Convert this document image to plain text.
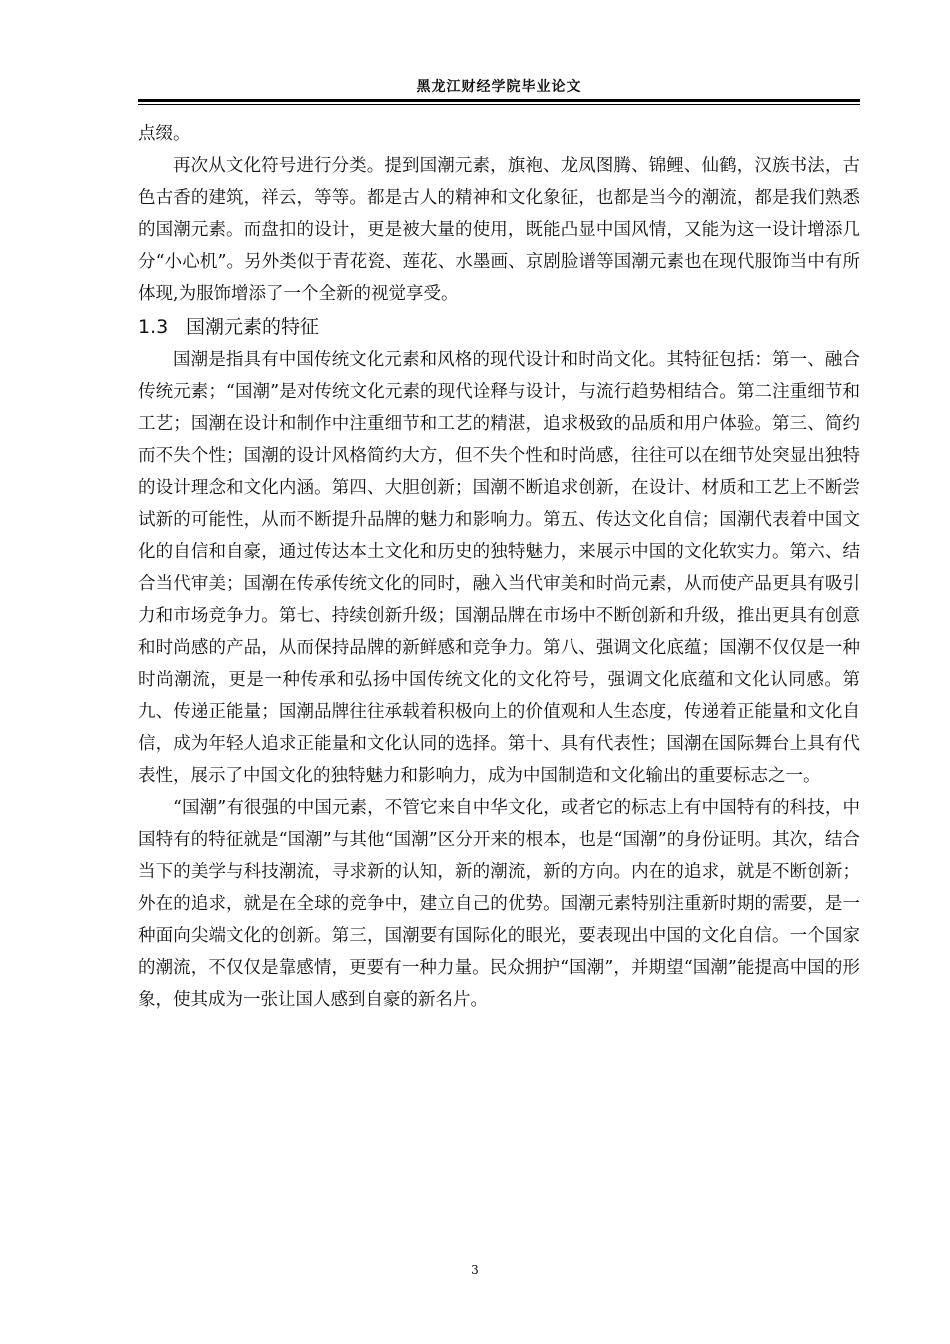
黑龙江财经学院毕业论文

点缀。

再次从文化符号进行分类。提到国潮元素，旗袍、龙凤图腾、锦鲤、仙鹤，汉族书法，古色古香的建筑，祥云，等等。都是古人的精神和文化象征，也都是当今的潮流，都是我们熟悉的国潮元素。而盘扣的设计，更是被大量的使用，既能凸显中国风情，又能为这一设计增添几分“小心机”。另外类似于青花瓷、莲花、水墨画、京剧脸谱等国潮元素也在现代服饰当中有所体现,为服饰增添了一个全新的视觉享受。

1.3 国潮元素的特征

国潮是指具有中国传统文化元素和风格的现代设计和时尚文化。其特征包括：第一、融合传统元素；“国潮”是对传统文化元素的现代诠释与设计，与流行趋势相结合。第二注重细节和工艺；国潮在设计和制作中注重细节和工艺的精湛，追求极致的品质和用户体验。第三、简约而不失个性；国潮的设计风格简约大方，但不失个性和时尚感，往往可以在细节处突显出独特的设计理念和文化内涵。第四、大胆创新；国潮不断追求创新，在设计、材质和工艺上不断尝试新的可能性，从而不断提升品牌的魅力和影响力。第五、传达文化自信；国潮代表着中国文化的自信和自豪，通过传达本土文化和历史的独特魅力，来展示中国的文化软实力。第六、结合当代审美；国潮在传承传统文化的同时，融入当代审美和时尚元素，从而使产品更具有吸引力和市场竞争力。第七、持续创新升级；国潮品牌在市场中不断创新和升级，推出更具有创意和时尚感的产品，从而保持品牌的新鲜感和竞争力。第八、强调文化底蕴；国潮不仅仅是一种时尚潮流，更是一种传承和弘扬中国传统文化的文化符号，强调文化底蕴和文化认同感。第九、传递正能量；国潮品牌往往承载着积极向上的价值观和人生态度，传递着正能量和文化自信，成为年轻人追求正能量和文化认同的选择。第十、具有代表性；国潮在国际舞台上具有代表性，展示了中国文化的独特魅力和影响力，成为中国制造和文化输出的重要标志之一。

“国潮”有很强的中国元素，不管它来自中华文化，或者它的标志上有中国特有的科技，中国特有的特征就是“国潮”与其他“国潮”区分开来的根本，也是“国潮”的身份证明。其次，结合当下的美学与科技潮流，寻求新的认知，新的潮流，新的方向。内在的追求，就是不断创新；外在的追求，就是在全球的竞争中，建立自己的优势。国潮元素特别注重新时期的需要，是一种面向尖端文化的创新。第三，国潮要有国际化的眼光，要表现出中国的文化自信。一个国家的潮流，不仅仅是靠感情，更要有一种力量。民众拥护“国潮”，并期望“国潮”能提高中国的形象，使其成为一张让国人感到自豪的新名片。

3
